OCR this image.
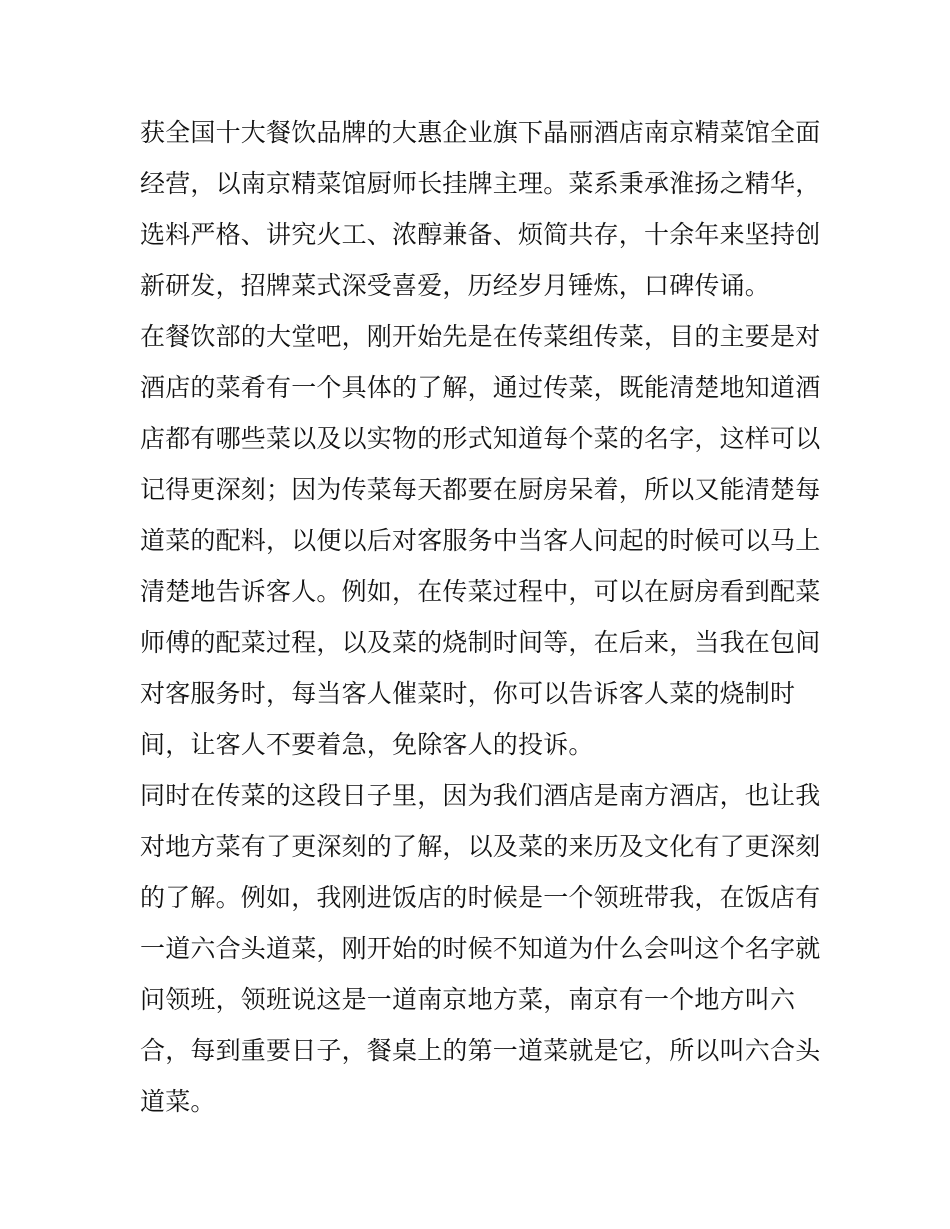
获全国十大餐饮品牌的大惠企业旗下晶丽酒店南京精菜馆全面
经营，以南京精菜馆厨师长挂牌主理。菜系秉承淮扬之精华，
选料严格、讲究火工、浓醇兼备、烦简共存，十余年来坚持创
新研发，招牌菜式深受喜爱，历经岁月锤炼，口碑传诵。
在餐饮部的大堂吧，刚开始先是在传菜组传菜，目的主要是对
酒店的菜肴有一个具体的了解，通过传菜，既能清楚地知道酒
店都有哪些菜以及以实物的形式知道每个菜的名字，这样可以
记得更深刻；因为传菜每天都要在厨房呆着，所以又能清楚每
道菜的配料，以便以后对客服务中当客人问起的时候可以马上
清楚地告诉客人。例如，在传菜过程中，可以在厨房看到配菜
师傅的配菜过程，以及菜的烧制时间等，在后来，当我在包间
对客服务时，每当客人催菜时，你可以告诉客人菜的烧制时
间，让客人不要着急，免除客人的投诉。
同时在传菜的这段日子里，因为我们酒店是南方酒店，也让我
对地方菜有了更深刻的了解，以及菜的来历及文化有了更深刻
的了解。例如，我刚进饭店的时候是一个领班带我，在饭店有
一道六合头道菜，刚开始的时候不知道为什么会叫这个名字就
问领班，领班说这是一道南京地方菜，南京有一个地方叫六
合，每到重要日子，餐桌上的第一道菜就是它，所以叫六合头
道菜。
